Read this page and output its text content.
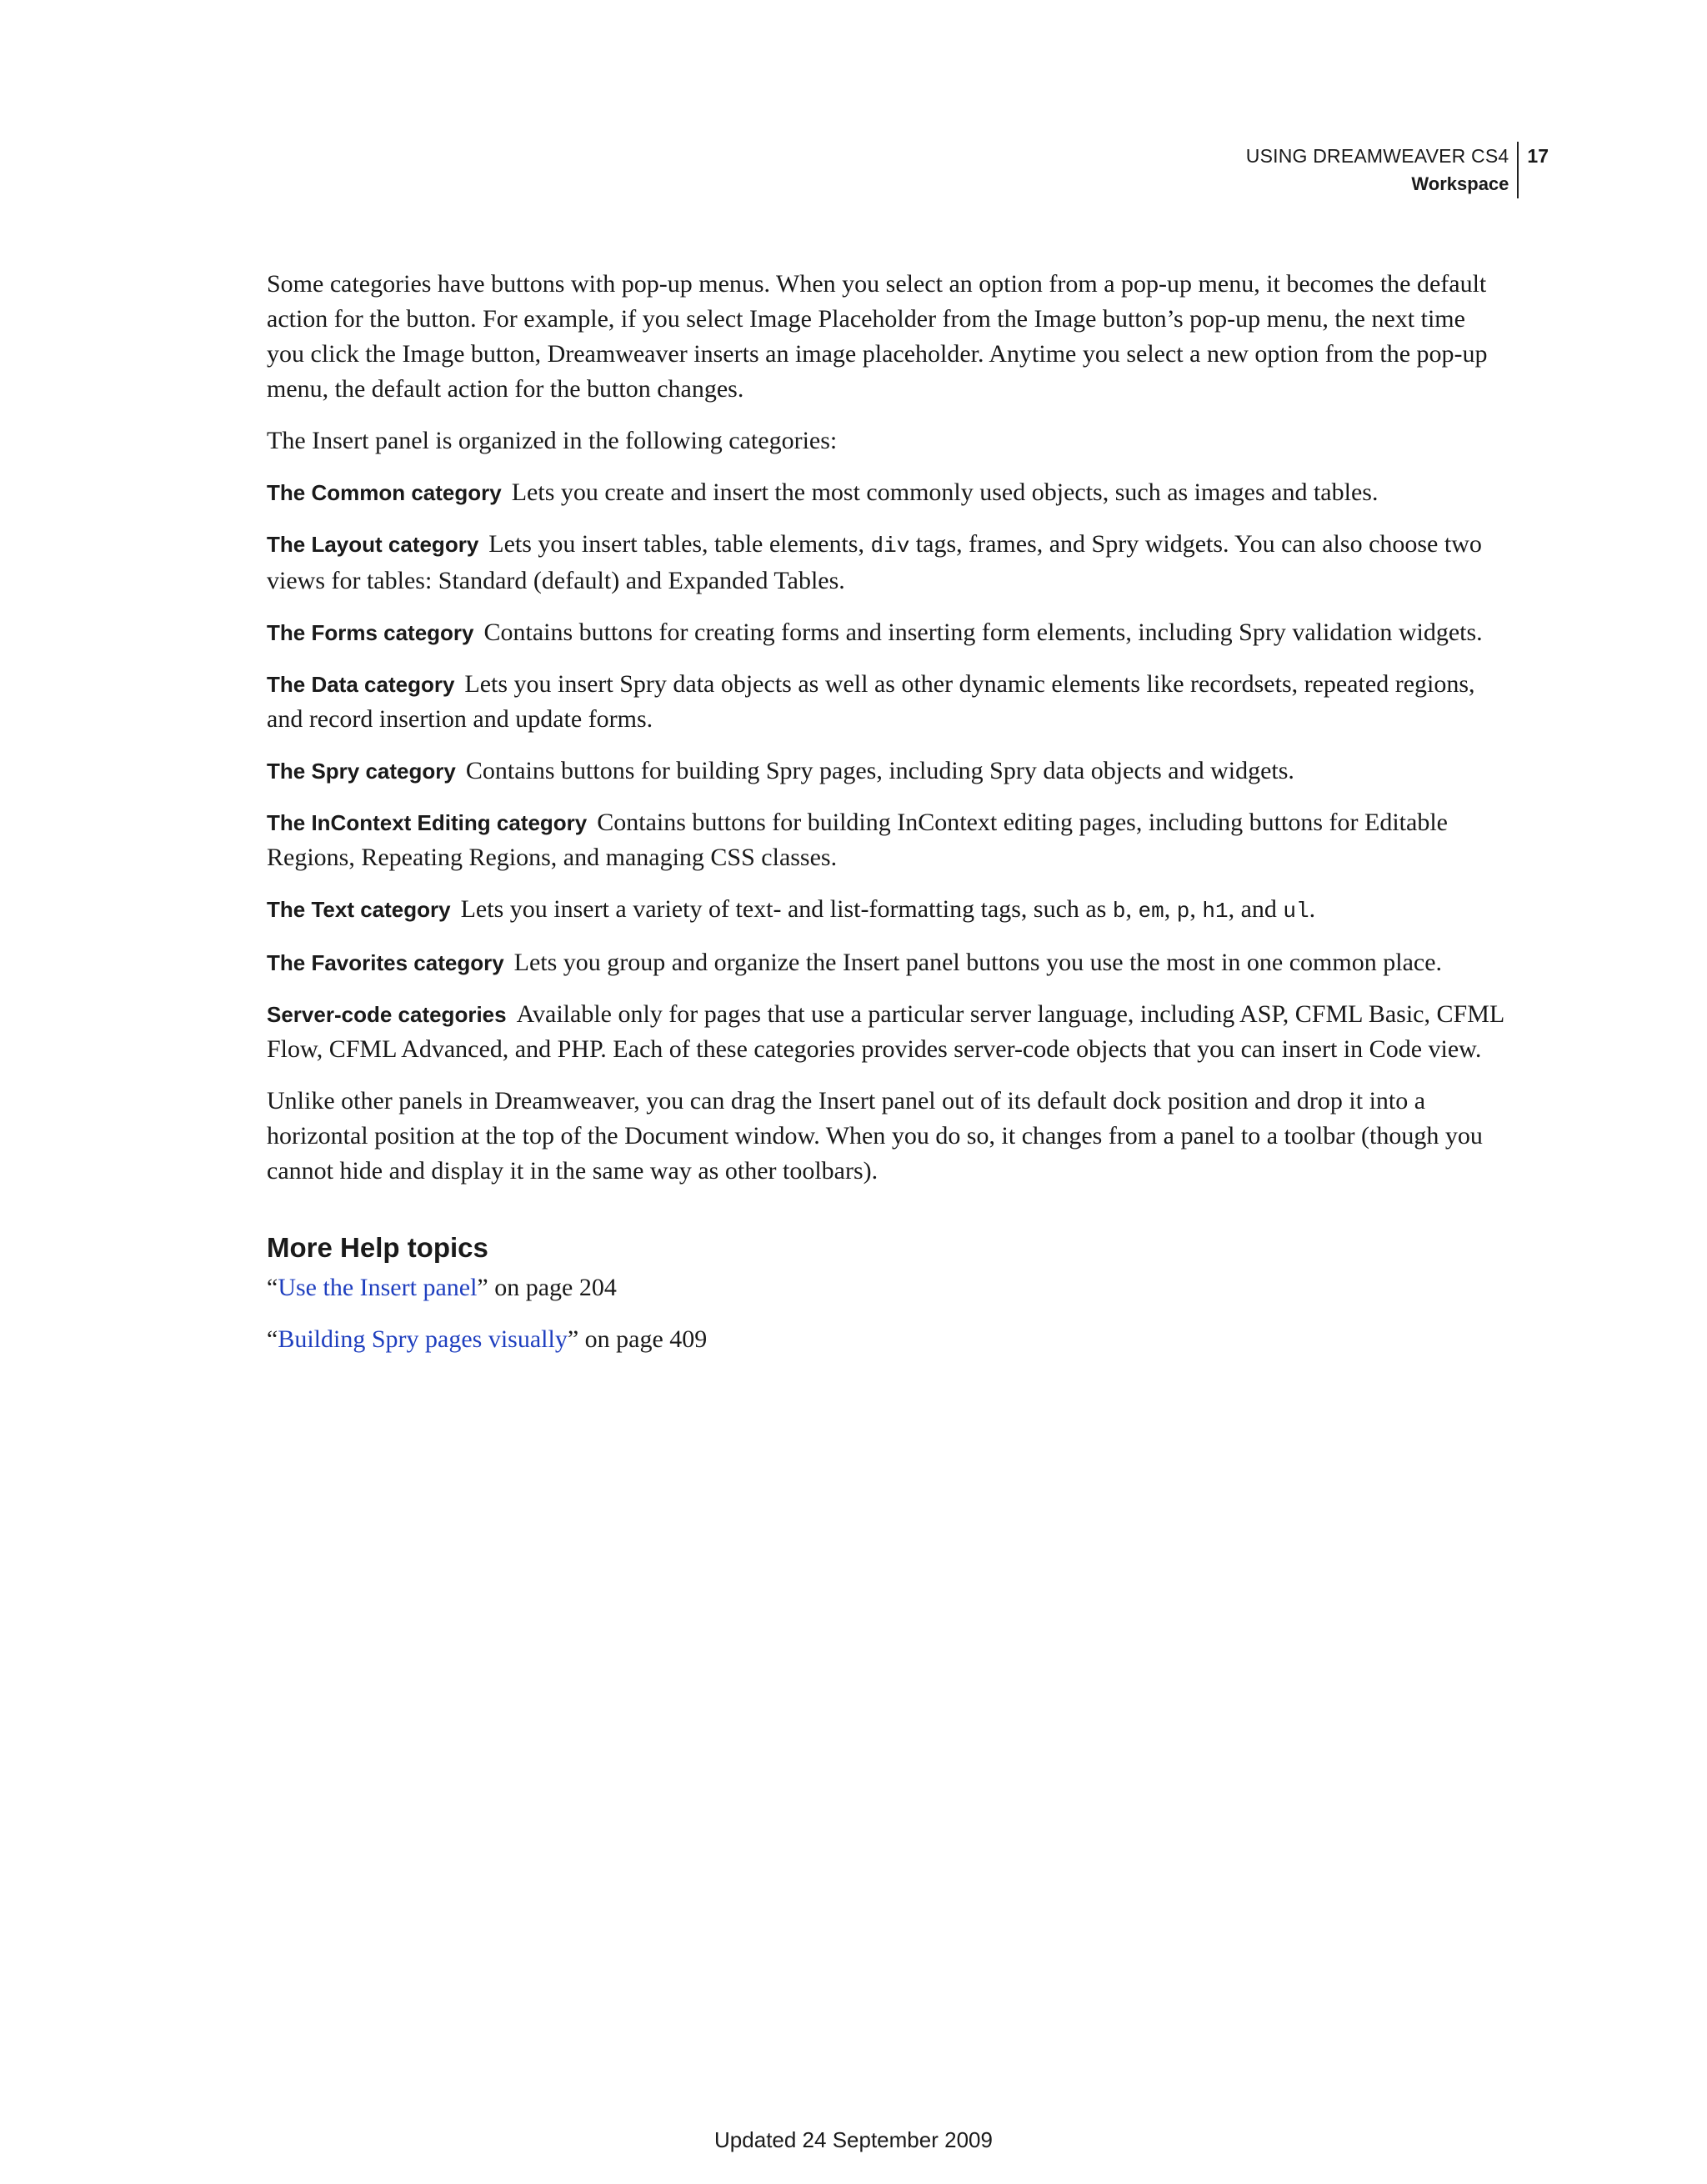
USING DREAMWEAVER CS4
Workspace
17

Some categories have buttons with pop-up menus. When you select an option from a pop-up menu, it becomes the default action for the button. For example, if you select Image Placeholder from the Image button’s pop-up menu, the next time you click the Image button, Dreamweaver inserts an image placeholder. Anytime you select a new option from the pop-up menu, the default action for the button changes.

The Insert panel is organized in the following categories:

The Common category Lets you create and insert the most commonly used objects, such as images and tables.

The Layout category Lets you insert tables, table elements, div tags, frames, and Spry widgets. You can also choose two views for tables: Standard (default) and Expanded Tables.

The Forms category Contains buttons for creating forms and inserting form elements, including Spry validation widgets.

The Data category Lets you insert Spry data objects as well as other dynamic elements like recordsets, repeated regions, and record insertion and update forms.

The Spry category Contains buttons for building Spry pages, including Spry data objects and widgets.

The InContext Editing category Contains buttons for building InContext editing pages, including buttons for Editable Regions, Repeating Regions, and managing CSS classes.

The Text category Lets you insert a variety of text- and list-formatting tags, such as b, em, p, h1, and ul.

The Favorites category Lets you group and organize the Insert panel buttons you use the most in one common place.

Server-code categories Available only for pages that use a particular server language, including ASP, CFML Basic, CFML Flow, CFML Advanced, and PHP. Each of these categories provides server-code objects that you can insert in Code view.

Unlike other panels in Dreamweaver, you can drag the Insert panel out of its default dock position and drop it into a horizontal position at the top of the Document window. When you do so, it changes from a panel to a toolbar (though you cannot hide and display it in the same way as other toolbars).

More Help topics

“Use the Insert panel” on page 204

“Building Spry pages visually” on page 409

Updated 24 September 2009
